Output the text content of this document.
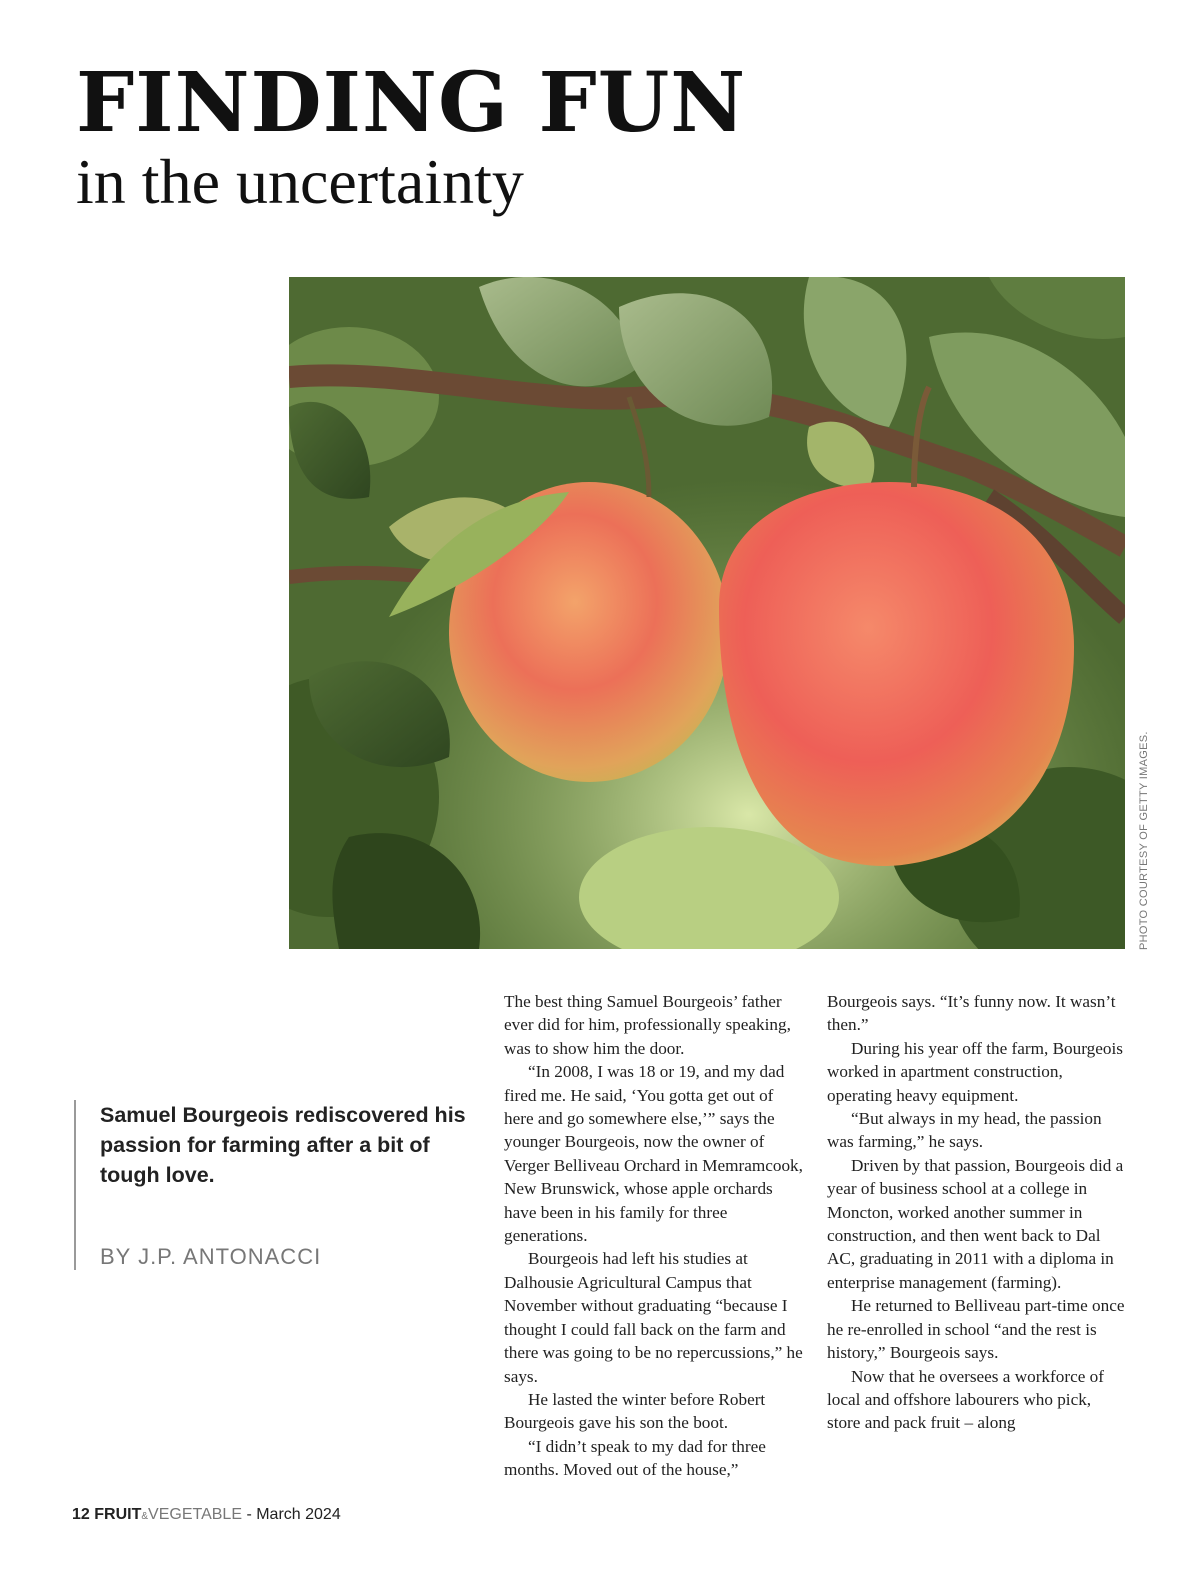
FINDING FUN
in the uncertainty
PHOTO COURTESY OF GETTY IMAGES.

Samuel Bourgeois rediscovered his passion for farming after a bit of tough love.

BY J.P. ANTONACCI

The best thing Samuel Bourgeois’ father ever did for him, professionally speaking, was to show him the door.

“In 2008, I was 18 or 19, and my dad fired me. He said, ‘You gotta get out of here and go somewhere else,’” says the younger Bourgeois, now the owner of Verger Belliveau Orchard in Memramcook, New Brunswick, whose apple orchards have been in his family for three generations.

Bourgeois had left his studies at Dalhousie Agricultural Campus that November without graduating “because I thought I could fall back on the farm and there was going to be no repercussions,” he says.

He lasted the winter before Robert Bourgeois gave his son the boot.

“I didn’t speak to my dad for three months. Moved out of the house,”

Bourgeois says. “It’s funny now. It wasn’t then.”

During his year off the farm, Bourgeois worked in apartment construction, operating heavy equipment.

“But always in my head, the passion was farming,” he says.

Driven by that passion, Bourgeois did a year of business school at a college in Moncton, worked another summer in construction, and then went back to Dal AC, graduating in 2011 with a diploma in enterprise management (farming).

He returned to Belliveau part-time once he re-enrolled in school “and the rest is history,” Bourgeois says.

Now that he oversees a workforce of local and offshore labourers who pick, store and pack fruit – along

12 FRUIT&VEGETABLE - March 2024
